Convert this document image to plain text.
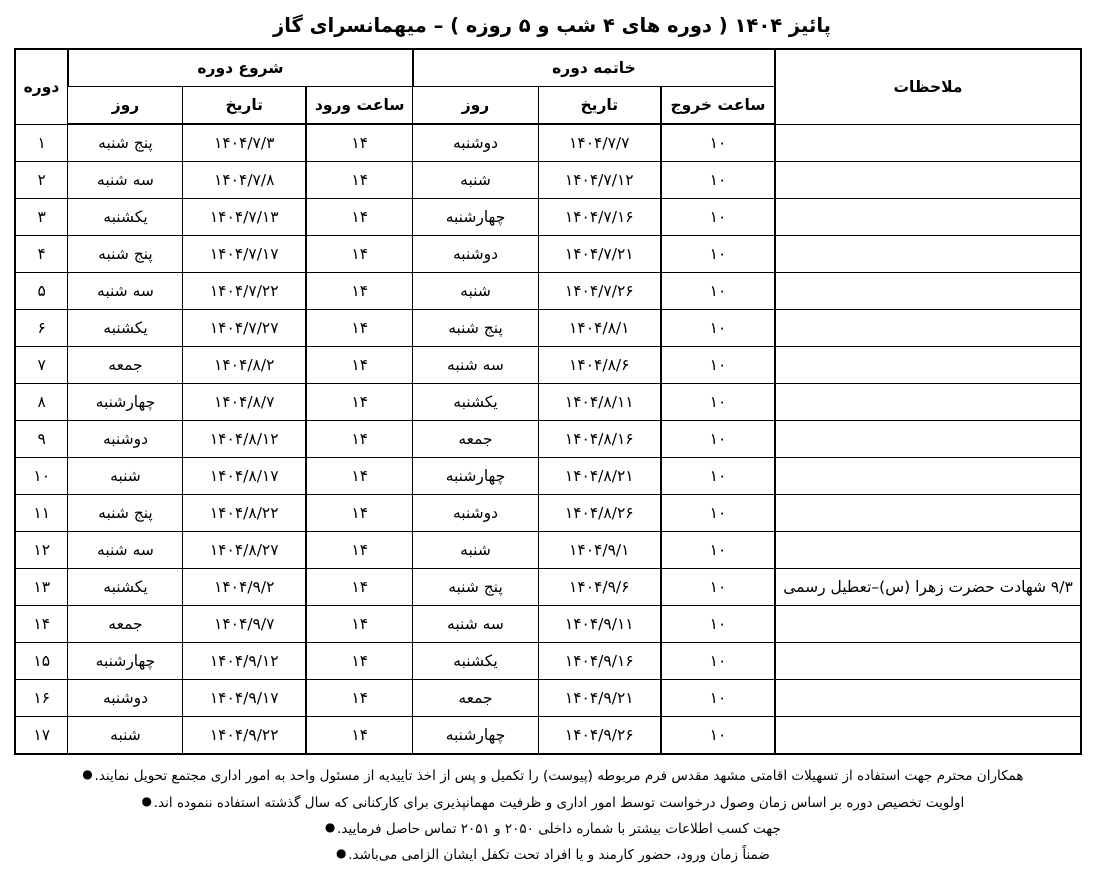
پائیز ۱۴۰۴ ( دوره های ۴ شب و ۵ روزه ) – میهمانسرای گاز
ملاحظات	خاتمه دوره			شروع دوره			دوره
	ساعت خروج	تاریخ	روز	ساعت ورود	تاریخ	روز	
	۱۰	۱۴۰۴/۷/۷	دوشنبه	۱۴	۱۴۰۴/۷/۳	پنج شنبه	۱
	۱۰	۱۴۰۴/۷/۱۲	شنبه	۱۴	۱۴۰۴/۷/۸	سه شنبه	۲
	۱۰	۱۴۰۴/۷/۱۶	چهارشنبه	۱۴	۱۴۰۴/۷/۱۳	یکشنبه	۳
	۱۰	۱۴۰۴/۷/۲۱	دوشنبه	۱۴	۱۴۰۴/۷/۱۷	پنج شنبه	۴
	۱۰	۱۴۰۴/۷/۲۶	شنبه	۱۴	۱۴۰۴/۷/۲۲	سه شنبه	۵
	۱۰	۱۴۰۴/۸/۱	پنج شنبه	۱۴	۱۴۰۴/۷/۲۷	یکشنبه	۶
	۱۰	۱۴۰۴/۸/۶	سه شنبه	۱۴	۱۴۰۴/۸/۲	جمعه	۷
	۱۰	۱۴۰۴/۸/۱۱	یکشنبه	۱۴	۱۴۰۴/۸/۷	چهارشنبه	۸
	۱۰	۱۴۰۴/۸/۱۶	جمعه	۱۴	۱۴۰۴/۸/۱۲	دوشنبه	۹
	۱۰	۱۴۰۴/۸/۲۱	چهارشنبه	۱۴	۱۴۰۴/۸/۱۷	شنبه	۱۰
	۱۰	۱۴۰۴/۸/۲۶	دوشنبه	۱۴	۱۴۰۴/۸/۲۲	پنج شنبه	۱۱
	۱۰	۱۴۰۴/۹/۱	شنبه	۱۴	۱۴۰۴/۸/۲۷	سه شنبه	۱۲
۹/۳ شهادت حضرت زهرا (س)–تعطیل رسمی	۱۰	۱۴۰۴/۹/۶	پنج شنبه	۱۴	۱۴۰۴/۹/۲	یکشنبه	۱۳
	۱۰	۱۴۰۴/۹/۱۱	سه شنبه	۱۴	۱۴۰۴/۹/۷	جمعه	۱۴
	۱۰	۱۴۰۴/۹/۱۶	یکشنبه	۱۴	۱۴۰۴/۹/۱۲	چهارشنبه	۱۵
	۱۰	۱۴۰۴/۹/۲۱	جمعه	۱۴	۱۴۰۴/۹/۱۷	دوشنبه	۱۶
	۱۰	۱۴۰۴/۹/۲۶	چهارشنبه	۱۴	۱۴۰۴/۹/۲۲	شنبه	۱۷
همکاران محترم جهت استفاده از تسهیلات اقامتی مشهد مقدس فرم مربوطه (پیوست) را تکمیل و پس از اخذ تاییدیه از مسئول واحد به امور اداری مجتمع تحویل نمایند.●
اولویت تخصیص دوره بر اساس زمان وصول درخواست توسط امور اداری و ظرفیت مهمانپذیری برای کارکنانی که سال گذشته استفاده ننموده اند.●
جهت کسب اطلاعات بیشتر با شماره داخلی ۲۰۵۰ و ۲۰۵۱ تماس حاصل فرمایید.●
ضمناً زمان ورود، حضور کارمند و یا افراد تحت تکفل ایشان الزامی می‌باشد.●
